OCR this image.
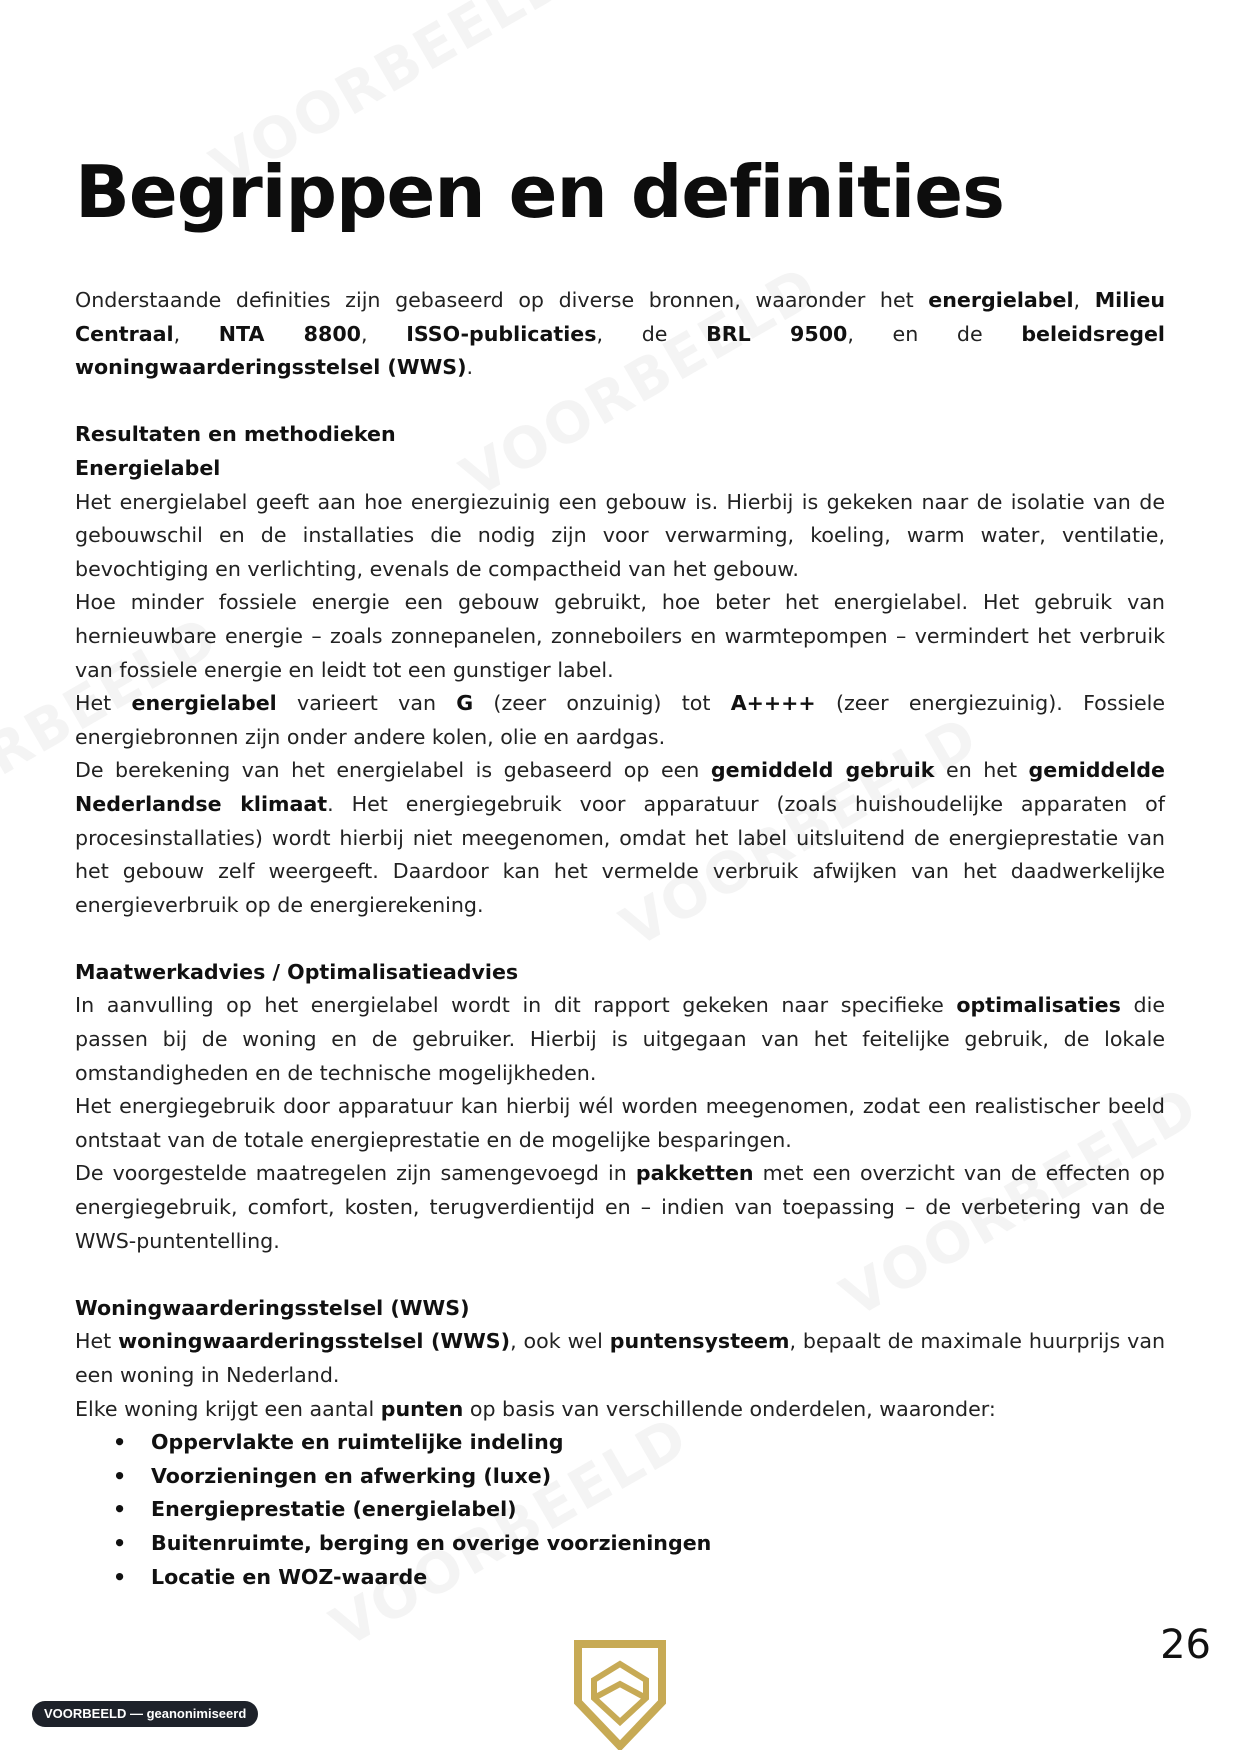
Begrippen en definities

Onderstaande definities zijn gebaseerd op diverse bronnen, waaronder het energielabel, Milieu Centraal, NTA 8800, ISSO-publicaties, de BRL 9500, en de beleidsregel woningwaarderingsstelsel (WWS).

Resultaten en methodieken
Energielabel

Het energielabel geeft aan hoe energiezuinig een gebouw is. Hierbij is gekeken naar de isolatie van de gebouwschil en de installaties die nodig zijn voor verwarming, koeling, warm water, ventilatie, bevochtiging en verlichting, evenals de compactheid van het gebouw.

Hoe minder fossiele energie een gebouw gebruikt, hoe beter het energielabel. Het gebruik van hernieuwbare energie – zoals zonnepanelen, zonneboilers en warmtepompen – vermindert het verbruik van fossiele energie en leidt tot een gunstiger label.

Het energielabel varieert van G (zeer onzuinig) tot A++++ (zeer energiezuinig). Fossiele energiebronnen zijn onder andere kolen, olie en aardgas.

De berekening van het energielabel is gebaseerd op een gemiddeld gebruik en het gemiddelde Nederlandse klimaat. Het energiegebruik voor apparatuur (zoals huishoudelijke apparaten of procesinstallaties) wordt hierbij niet meegenomen, omdat het label uitsluitend de energieprestatie van het gebouw zelf weergeeft. Daardoor kan het vermelde verbruik afwijken van het daadwerkelijke energieverbruik op de energierekening.

Maatwerkadvies / Optimalisatieadvies

In aanvulling op het energielabel wordt in dit rapport gekeken naar specifieke optimalisaties die passen bij de woning en de gebruiker. Hierbij is uitgegaan van het feitelijke gebruik, de lokale omstandigheden en de technische mogelijkheden.

Het energiegebruik door apparatuur kan hierbij wél worden meegenomen, zodat een realistischer beeld ontstaat van de totale energieprestatie en de mogelijke besparingen.

De voorgestelde maatregelen zijn samengevoegd in pakketten met een overzicht van de effecten op energiegebruik, comfort, kosten, terugverdientijd en – indien van toepassing – de verbetering van de WWS-puntentelling.

Woningwaarderingsstelsel (WWS)

Het woningwaarderingsstelsel (WWS), ook wel puntensysteem, bepaalt de maximale huurprijs van een woning in Nederland.

Elke woning krijgt een aantal punten op basis van verschillende onderdelen, waaronder:

• Oppervlakte en ruimtelijke indeling
• Voorzieningen en afwerking (luxe)
• Energieprestatie (energielabel)
• Buitenruimte, berging en overige voorzieningen
• Locatie en WOZ-waarde
26
VOORBEELD — geanonimiseerd
